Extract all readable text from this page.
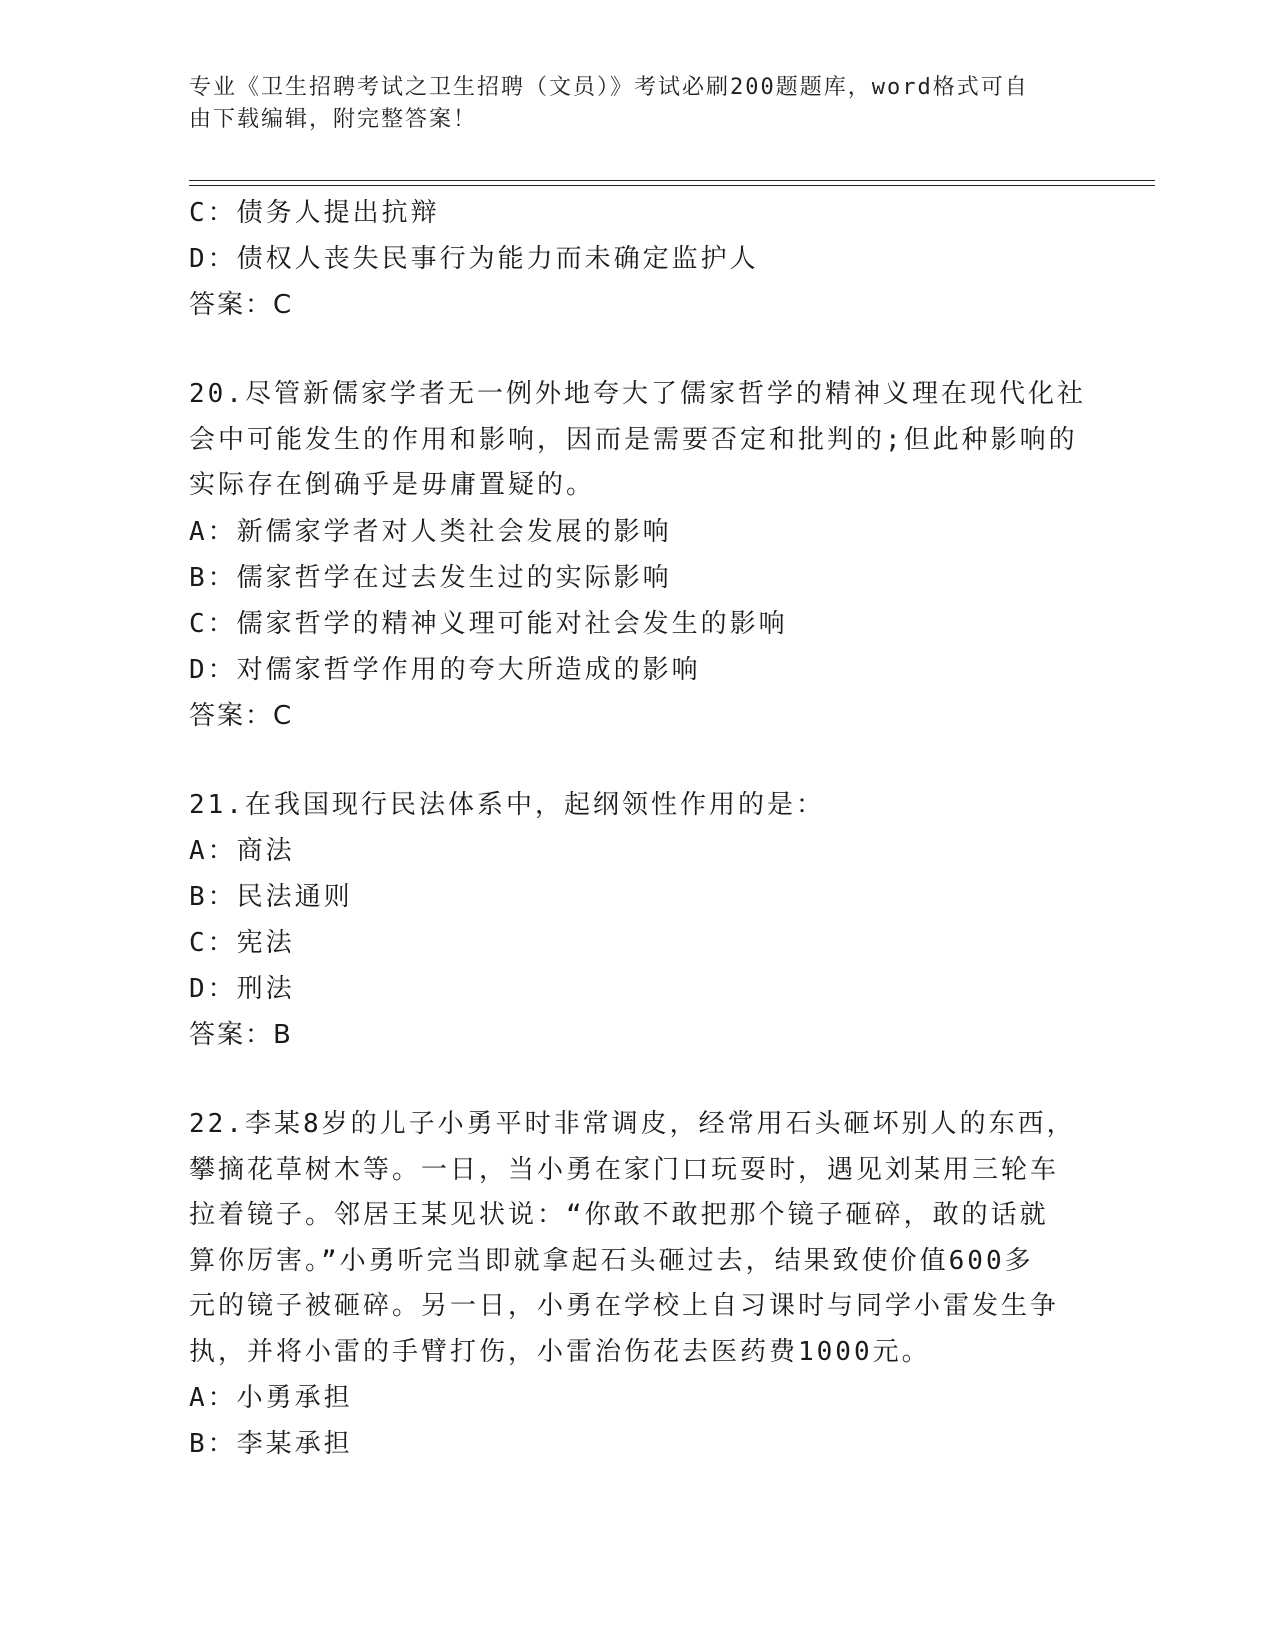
专业《卫生招聘考试之卫生招聘（文员）》考试必刷200题题库，word格式可自
由下载编辑，附完整答案！
C：债务人提出抗辩
D：债权人丧失民事行为能力而未确定监护人
答案：C
20.尽管新儒家学者无一例外地夸大了儒家哲学的精神义理在现代化社
会中可能发生的作用和影响，因而是需要否定和批判的;但此种影响的
实际存在倒确乎是毋庸置疑的。
A：新儒家学者对人类社会发展的影响
B：儒家哲学在过去发生过的实际影响
C：儒家哲学的精神义理可能对社会发生的影响
D：对儒家哲学作用的夸大所造成的影响
答案：C
21.在我国现行民法体系中，起纲领性作用的是：
A：商法
B：民法通则
C：宪法
D：刑法
答案：B
22.李某8岁的儿子小勇平时非常调皮，经常用石头砸坏别人的东西，
攀摘花草树木等。一日，当小勇在家门口玩耍时，遇见刘某用三轮车
拉着镜子。邻居王某见状说：“你敢不敢把那个镜子砸碎，敢的话就
算你厉害。”小勇听完当即就拿起石头砸过去，结果致使价值600多
元的镜子被砸碎。另一日，小勇在学校上自习课时与同学小雷发生争
执，并将小雷的手臂打伤，小雷治伤花去医药费1000元。
A：小勇承担
B：李某承担
